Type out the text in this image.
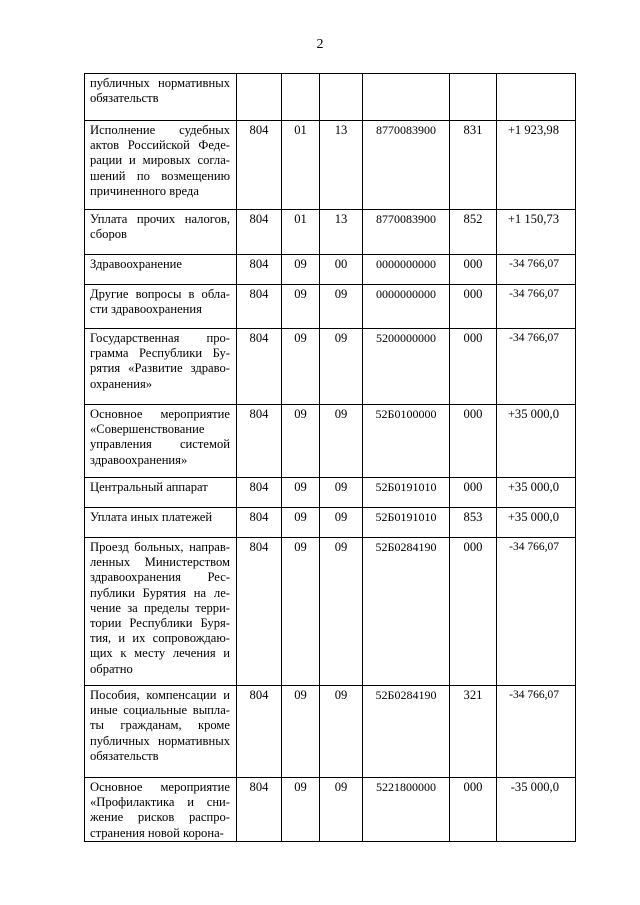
2
публичных нормативных обязательств						
Исполнение судебных актов Российской Феде- рации и мировых согла- шений по возмещению причиненного вреда	804	01	13	8770083900	831	+1 923,98
Уплата прочих налогов, сборов	804	01	13	8770083900	852	+1 150,73
Здравоохранение	804	09	00	0000000000	000	-34 766,07
Другие вопросы в обла- сти здравоохранения	804	09	09	0000000000	000	-34 766,07
Государственная про- грамма Республики Бу- рятия «Развитие здраво- охранения»	804	09	09	5200000000	000	-34 766,07
Основное мероприятие «Совершенствование управления системой здравоохранения»	804	09	09	52Б0100000	000	+35 000,0
Центральный аппарат	804	09	09	52Б0191010	000	+35 000,0
Уплата иных платежей	804	09	09	52Б0191010	853	+35 000,0
Проезд больных, направ- ленных Министерством здравоохранения Рес- публики Бурятия на ле- чение за пределы терри- тории Республики Буря- тия, и их сопровождаю- щих к месту лечения и обратно	804	09	09	52Б0284190	000	-34 766,07
Пособия, компенсации и иные социальные выпла- ты гражданам, кроме публичных нормативных обязательств	804	09	09	52Б0284190	321	-34 766,07
Основное мероприятие «Профилактика и сни- жение рисков распро- странения новой корона-	804	09	09	5221800000	000	-35 000,0
